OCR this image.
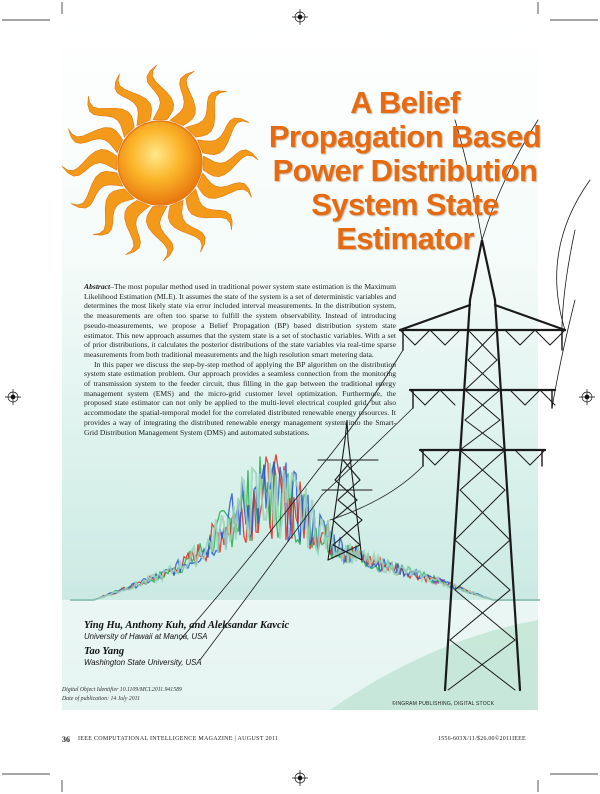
A Belief
Propagation Based
Power Distribution
System State
Estimator

Abstract–The most popular method used in traditional power system state estimation is the Maximum Likelihood Estimation (MLE). It assumes the state of the system is a set of deterministic variables and determines the most likely state via error included interval measurements. In the distribution system, the measurements are often too sparse to fulfill the system observability. Instead of introducing pseudo-measurements, we propose a Belief Propagation (BP) based distribution system state estimator. This new approach assumes that the system state is a set of stochastic variables. With a set of prior distributions, it calculates the posterior distributions of the state variables via real-time sparse measurements from both traditional measurements and the high resolution smart metering data.

In this paper we discuss the step-by-step method of applying the BP algorithm on the distribution system state estimation problem. Our approach provides a seamless connection from the monitoring of transmission system to the feeder circuit, thus filling in the gap between the traditional energy management system (EMS) and the micro-grid customer level optimization. Furthermore, the proposed state estimator can not only be applied to the multi-level electrical coupled grid, but also accommodate the spatial-temporal model for the correlated distributed renewable energy resources. It provides a way of integrating the distributed renewable energy management system into the Smart-Grid Distribution Management System (DMS) and automated substations.

Ying Hu, Anthony Kuh, and Aleksandar Kavcic
University of Hawaii at Manoa, USA
Tao Yang
Washington State University, USA
Digital Object Identifier 10.1109/MCI.2011.941589
Date of publication: 14 July 2011
©INGRAM PUBLISHING, DIGITAL STOCK
36 IEEE COMPUTATIONAL INTELLIGENCE MAGAZINE | AUGUST 2011	1556-603X/11/$26.00©2011IEEE
